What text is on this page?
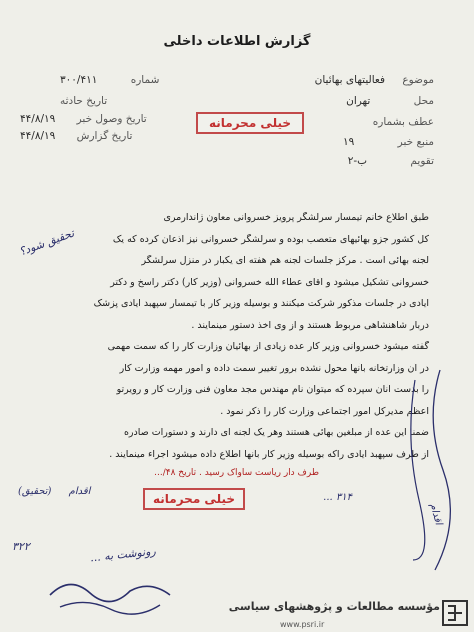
گزارش اطلاعات داخلی
موضوع فعالیتهای بهائیان
محل تهران
عطف بشماره
منبع خبر ۱۹
تقویم ب-۲
شماره ۳۰۰/۴۱۱
تاریخ حادثه
تاریخ وصول خبر ۴۴/۸/۱۹
تاریخ گزارش ۴۴/۸/۱۹
خیلی محرمانه
طبق اطلاع خانم تیمسار سرلشگر پرویز خسروانی معاون ژاندارمری
کل کشور جزو بهائیهای متعصب بوده و سرلشگر خسروانی نیز اذعان کرده که یک
لجنه بهائی است . مرکز جلسات لجنه هم هفته ای یکبار در منزل سرلشگر
خسروانی تشکیل میشود و آقای عطاء الله خسروانی (وزیر کار) دکتر راسخ و دکتر
ایادی در جلسات مذکور شرکت میکنند و بوسیله وزیر کار با تیمسار سپهبد ایادی پزشک
دربار شاهنشاهی مربوط هستند و از وی اخذ دستور مینمایند .
گفته میشود خسروانی وزیر کار عده زیادی از بهائیان وزارت کار را که سمت مهمی
در آن وزارتخانه بآنها محول نشده برور تغییر سمت داده و امور مهمه وزارت کار
را بدست آنان سپرده که میتوان نام مهندس مجد معاون فنی وزارت کار و رویرتو
اعظم مدیرکل امور اجتماعی وزارت کار را ذکر نمود .
ضمنا این عده از مبلغین بهائی هستند وهر یک لجنه ای دارند و دستورات صادره
از طرف سپهبد ایادی راکه بوسیله وزیر کار بآنها اطلاع داده میشود اجراء مینمایند .
تحقیق شود؟
اقدام
طرف دار ریاست ساواک رسید . تاریخ ۴۸/...
اقدام (تحقیق)
خیلی محرمانه	۳۱۴ ...
۳۲۲	رونوشت به ...
مؤسسه مطالعات و پژوهشهای سیاسی
www.psri.ir
